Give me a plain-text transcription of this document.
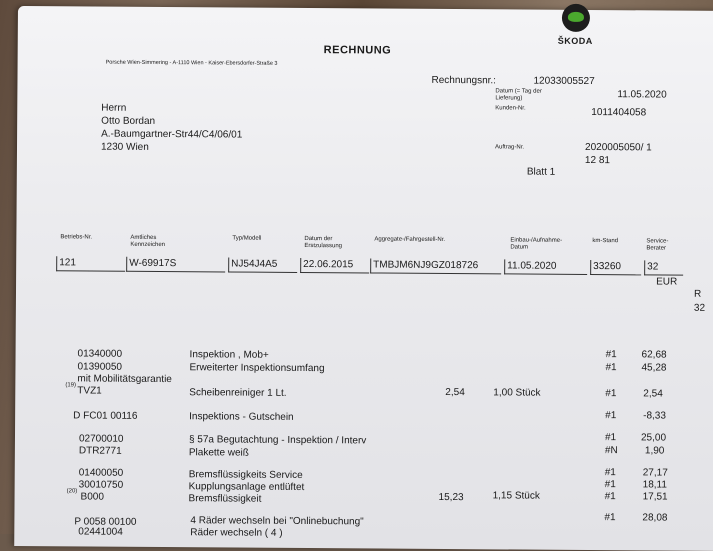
ŠKODA
RECHNUNG
Porsche Wien-Simmering - A-1110 Wien - Kaiser-Ebersdorfer-Straße 3
Rechnungsnr.:	12033005527
Datum (= Tag der
Lieferung)	11.05.2020
Kunden-Nr.	1011404058
Herrn
Otto Bordan
A.-Baumgartner-Str44/C4/06/01
1230 Wien	Auftrag-Nr.	2020005050/ 1
12 81
Blatt 1
Betriebs-Nr.	Amtliches
Kennzeichen
Typ/Modell	Datum der
Erstzulassung
Aggregate-/Fahrgestell-Nr.	Einbau-/Aufnahme-
Datum
km-Stand	Service-
Berater
121	W-69917S	NJ54J4A5	22.06.2015	TMBJM6NJ9GZ018726	11.05.2020	33260	32
EUR
R
32
01340000	Inspektion , Mob+	#1 62,68
01390050	Erweiterter Inspektionsumfang	#1 45,28
mit Mobilitätsgarantie
(19)
TVZ1	Scheibenreiniger 1 Lt.	2,54	1,00 Stück	#1	2,54
D FC01 00116	Inspektions - Gutschein	#1	-8,33
02700010	§ 57a Begutachtung - Inspektion / Interv	#1 25,00
DTR2771	Plakette weiß	#N	1,90
01400050	Bremsflüssigkeits Service	#1	27,17
30010750	Kupplungsanlage entlüftet	#1	18,11
(20)
B000	Bremsflüssigkeit	15,23	1,15 Stück	#1	17,51
P 0058 00100	4 Räder wechseln bei "Onlinebuchung"	#1	28,08
02441004	Räder wechseln ( 4 )
